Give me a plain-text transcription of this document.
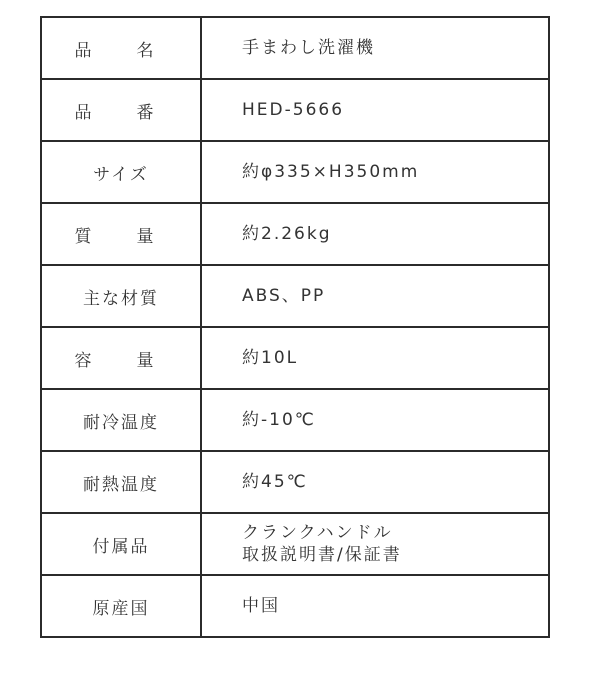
品　名	手まわし洗濯機

品　番	HED-5666

サイズ	約φ335×H350mm

質　量	約2.26kg

主な材質	ABS、PP

容　量	約10L

耐冷温度	約-10℃

耐熱温度	約45℃

付属品	クランクハンドル
取扱説明書/保証書

原産国	中国
